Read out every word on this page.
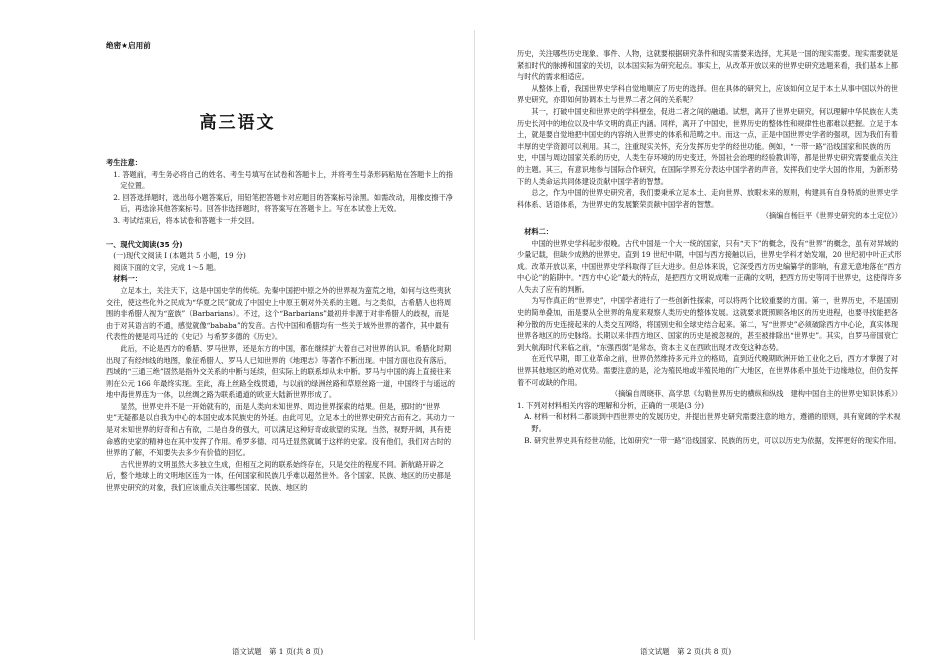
绝密★启用前
高三语文

考生注意：

1. 答题前，考生务必将自己的姓名、考生号填写在试卷和答题卡上，并将考生号条形码粘贴在答题卡上的指定位置。

2. 回答选择题时，选出每小题答案后，用铅笔把答题卡对应题目的答案标号涂黑。如需改动，用橡皮擦干净后，再选涂其他答案标号。回答非选择题时，将答案写在答题卡上。写在本试卷上无效。

3. 考试结束后，将本试卷和答题卡一并交回。

一、现代文阅读(35 分)

(一)现代文阅读 I (本题共 5 小题，19 分)

阅读下面的文字，完成 1～5 题。

材料一：

立足本土，关注天下，这是中国史学的传统。先秦中国把中原之外的世界视为蛮荒之地，如何与这些夷狄交往，使这些化外之民成为“华夏之民”就成了中国史上中原王朝对外关系的主题。与之类似，古希腊人也将周围的非希腊人视为“蛮族”（Barbarians）。不过，这个“Barbarians”最初并非源于对非希腊人的歧视，而是由于对其语言的不通，感觉就像“bababa”的发音。古代中国和希腊均有一些关于域外世界的著作，其中最有代表性的便是司马迁的《史记》与希罗多德的《历史》。

此后，不论是西方的希腊、罗马世界，还是东方的中国，都在继续扩大着自己对世界的认识。希腊化时期出现了有经纬线的地图，象征希腊人、罗马人已知世界的《地理志》等著作不断出现。中国方面也没有落后，西域的“三通三绝”固然是指外交关系的中断与延续，但实际上的联系却从未中断。罗马与中国的海上直接往来则在公元 166 年最终实现。至此，海上丝路全线贯通，与以前的绿洲丝路和草原丝路一道，中国终于与遥远的地中海世界连为一体，以丝绸之路为联系通道的欧亚大陆新世界形成了。

显然，世界史并不是一开始就有的，而是人类向未知世界、周边世界探索的结果。但是，那时的“世界史”无疑都是以自我为中心的本国史或本民族史的外延。由此可见，立足本土的世界史研究古而有之。其动力一是对未知世界的好奇和占有欲，二是自身的强大，可以满足这种好奇或欲望的实现。当然，视野开阔，具有使命感的史家的精神也在其中发挥了作用。希罗多德、司马迁显然就属于这样的史家。没有他们，我们对古时的世界的了解，不知要失去多少有价值的回忆。

古代世界的文明虽然大多独立生成，但相互之间的联系始终存在，只是交往的程度不同。新航路开辟之后，整个地球上的文明地区连为一体，任何国家和民族几乎难以超然世外。各个国家、民族、地区的历史都是世界史研究的对象，我们应该重点关注哪些国家、民族、地区的

语文试题　第 1 页(共 8 页)

历史，关注哪些历史现象、事件、人物，这就要根据研究条件和现实需要来选择，尤其是一国的现实需要。现实需要就是紧扣时代的脉搏和国家的关切，以本国实际为研究起点。事实上，从改革开放以来的世界史研究选题来看，我们基本上都与时代的需求相适应。

从整体上看，我国世界史学科自觉地顺应了历史的选择。但在具体的研究上，应该如何立足于本土从事中国以外的世界史研究，亦即如何协调本土与世界二者之间的关系呢？

其一，打破中国史和世界史的学科壁垒，促进二者之间的融通。试想，离开了世界史研究，何以理解中华民族在人类历史长河中的地位以及中华文明的真正内涵。同样，离开了中国史，世界历史的整体性和规律性也都难以把握。立足于本土，就是要自觉地把中国史的内容纳入世界史的体系和范畴之中。而这一点，正是中国世界史学者的强项，因为我们有着丰厚的史学资源可以利用。其二，注重现实关怀，充分发挥历史学的经世功能。例如，“一带一路”沿线国家和民族的历史，中国与周边国家关系的历史，人类生存环境的历史变迁，外国社会治理的经验教训等，都是世界史研究需要重点关注的主题。其三，有意识地参与国际合作研究，在国际学界充分表达中国学者的声音，发挥我们史学大国的作用，为新形势下的人类命运共同体建设贡献中国学者的智慧。

总之，作为中国的世界史研究者，我们要秉承立足本土、走向世界、放眼未来的原则，构建具有自身特质的世界史学科体系、话语体系，为世界史的发展繁荣贡献中国学者的智慧。

（摘编自杨巨平《世界史研究的本土定位》）

材料二：

中国的世界史学科起步很晚。古代中国是一个大一统的国家，只有“天下”的概念，没有“世界”的概念，虽有对异域的少量记载，但缺少成熟的世界史。直到 19 世纪中期，中国与西方接触以后，世界史学科才始发端，20 世纪初中叶正式形成。改革开放以来，中国世界史学科取得了巨大进步。但总体来说，它深受西方历史编纂学的影响，有意无意地落在“西方中心论”的陷阱中。“西方中心论”最大的特点，是把西方文明说成唯一正确的文明，把西方历史等同于世界史，这使得许多人失去了应有的判断。

为写作真正的“世界史”，中国学者进行了一些创新性探索，可以将两个比较重要的方面。第一，世界历史，不是国别史的简单叠加，而是要从全世界的角度来观察人类历史的整体发展。这就要求既照顾各地区的历史进程，也要寻找能把各种分散的历史连接起来的人类交互网络，将国别史和全球史结合起来。第二，写“世界史”必须破除西方中心论，真实体现世界各地区的历史脉络。长期以来非西方地区、国家的历史是被忽视的，甚至被排除出“世界史”。其实，自罗马帝国衰亡到大航海时代来临之前，“东强西弱”是常态，资本主义在西欧出现才改变这种态势。

在近代早期，即工业革命之前，世界仍然维持多元并立的格局，直到近代晚期欧洲开始工业化之后，西方才掌握了对世界其他地区的绝对优势。需要注意的是，沦为殖民地或半殖民地的广大地区，在世界体系中虽处于边缘地位，但仍发挥着不可或缺的作用。

（摘编自周晓菲、高学思《勾勒世界历史的横纵和纵线　建构中国自主的世界史知识体系》）

1. 下列对材料相关内容的理解和分析，正确的一项是(3 分)

A. 材料一和材料二都谈到中西世界史的发展历史，并提出世界史研究需要注意的地方，遵循的原则，具有宽阔的学术视野。

B. 研究世界史具有经世功能，比如研究“一带一路”沿线国家、民族的历史，可以以历史为依据，发挥更好的现实作用。

语文试题　第 2 页(共 8 页)
